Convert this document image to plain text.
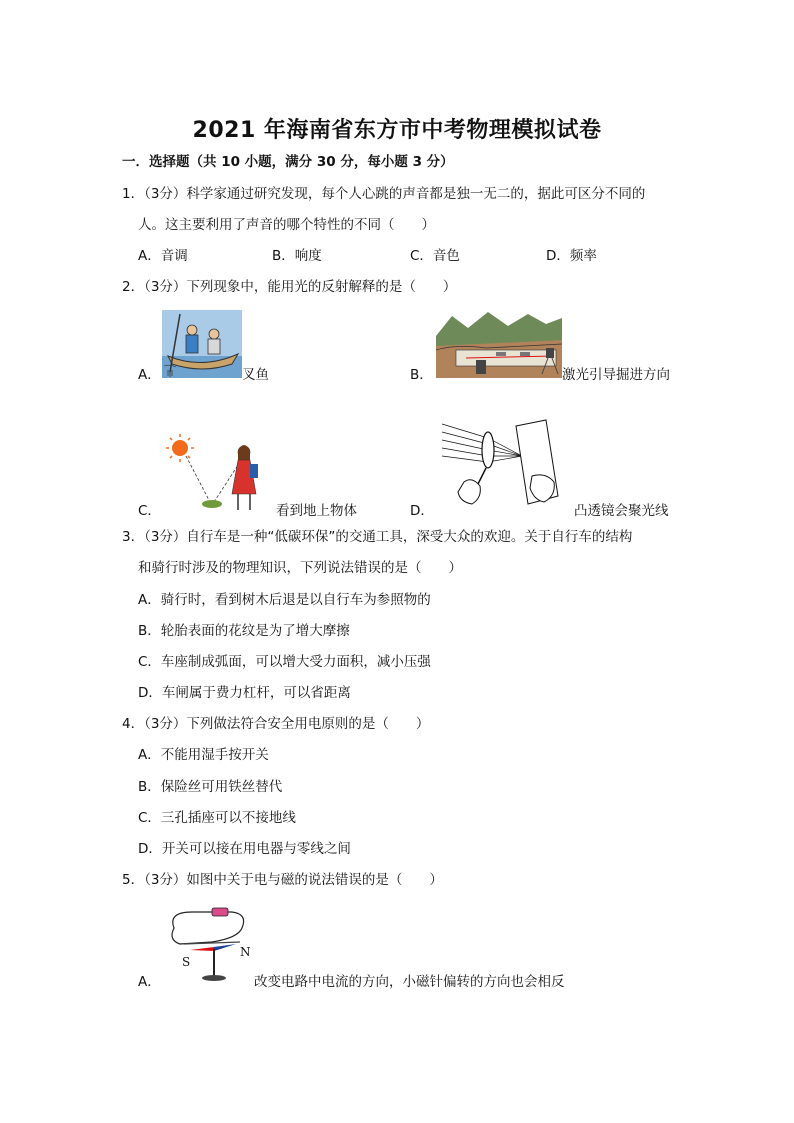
2021 年海南省东方市中考物理模拟试卷
一．选择题（共 10 小题，满分 30 分，每小题 3 分）
1．（3分）科学家通过研究发现，每个人心跳的声音都是独一无二的，据此可区分不同的
人。这主要利用了声音的哪个特性的不同（　　）
A．音调	B．响度	C．音色	D．频率
2．（3分）下列现象中，能用光的反射解释的是（　　）
A．	叉鱼	B．	激光引导掘进方向
C．	看到地上物体	D．	凸透镜会聚光线
3．（3分）自行车是一种“低碳环保”的交通工具，深受大众的欢迎。关于自行车的结构
和骑行时涉及的物理知识，下列说法错误的是（　　）
A．骑行时，看到树木后退是以自行车为参照物的
B．轮胎表面的花纹是为了增大摩擦
C．车座制成弧面，可以增大受力面积，减小压强
D．车闸属于费力杠杆，可以省距离
4．（3分）下列做法符合安全用电原则的是（　　）
A．不能用湿手按开关
B．保险丝可用铁丝替代
C．三孔插座可以不接地线
D．开关可以接在用电器与零线之间
5．（3分）如图中关于电与磁的说法错误的是（　　）
A．
S
N
改变电路中电流的方向，小磁针偏转的方向也会相反
